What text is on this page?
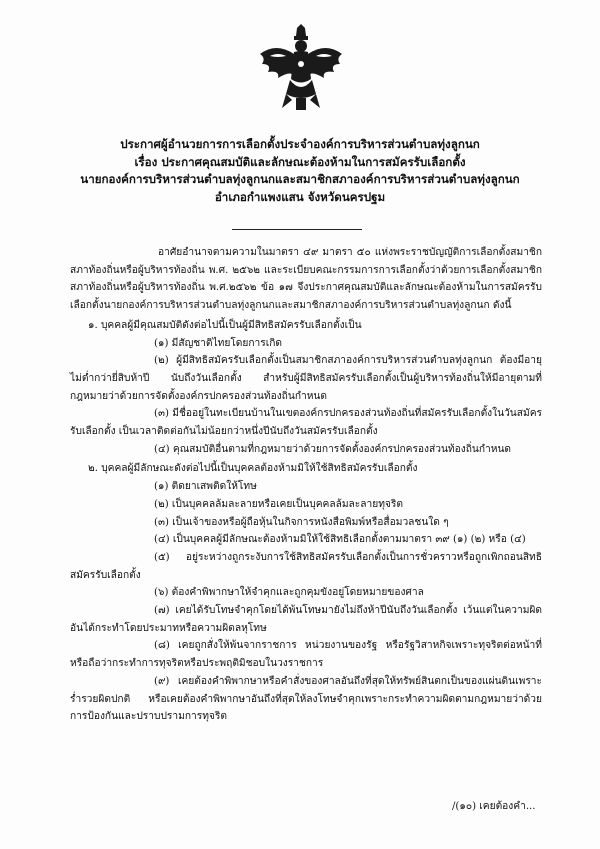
ประกาศผู้อำนวยการการเลือกตั้งประจำองค์การบริหารส่วนตำบลทุ่งลูกนก
เรื่อง ประกาศคุณสมบัติและลักษณะต้องห้ามในการสมัครรับเลือกตั้ง
นายกองค์การบริหารส่วนตำบลทุ่งลูกนกและสมาชิกสภาองค์การบริหารส่วนตำบลทุ่งลูกนก
อำเภอกำแพงแสน จังหวัดนครปฐม

อาศัยอำนาจตามความในมาตรา ๔๙ มาตรา ๕๐ แห่งพระราชบัญญัติการเลือกตั้งสมาชิกสภาท้องถิ่นหรือผู้บริหารท้องถิ่น พ.ศ. ๒๕๖๒ และระเบียบคณะกรรมการการเลือกตั้งว่าด้วยการเลือกตั้งสมาชิกสภาท้องถิ่นหรือผู้บริหารท้องถิ่น พ.ศ.๒๕๖๒ ข้อ ๑๗ จึงประกาศคุณสมบัติและลักษณะต้องห้ามในการสมัครรับเลือกตั้งนายกองค์การบริหารส่วนตำบลทุ่งลูกนกและสมาชิกสภาองค์การบริหารส่วนตำบลทุ่งลูกนก ดังนี้

๑. บุคคลผู้มีคุณสมบัติดังต่อไปนี้เป็นผู้มีสิทธิสมัครรับเลือกตั้งเป็น

(๑) มีสัญชาติไทยโดยการเกิด

(๒) ผู้มีสิทธิสมัครรับเลือกตั้งเป็นสมาชิกสภาองค์การบริหารส่วนตำบลทุ่งลูกนก ต้องมีอายุไม่ต่ำกว่ายี่สิบห้าปี นับถึงวันเลือกตั้ง สำหรับผู้มีสิทธิสมัครรับเลือกตั้งเป็นผู้บริหารท้องถิ่นให้มีอายุตามที่กฎหมายว่าด้วยการจัดตั้งองค์กรปกครองส่วนท้องถิ่นกำหนด

(๓) มีชื่ออยู่ในทะเบียนบ้านในเขตองค์กรปกครองส่วนท้องถิ่นที่สมัครรับเลือกตั้งในวันสมัครรับเลือกตั้ง เป็นเวลาติดต่อกันไม่น้อยกว่าหนึ่งปีนับถึงวันสมัครรับเลือกตั้ง

(๔) คุณสมบัติอื่นตามที่กฎหมายว่าด้วยการจัดตั้งองค์กรปกครองส่วนท้องถิ่นกำหนด

๒. บุคคลผู้มีลักษณะดังต่อไปนี้เป็นบุคคลต้องห้ามมิให้ใช้สิทธิสมัครรับเลือกตั้ง

(๑) ติดยาเสพติดให้โทษ

(๒) เป็นบุคคลล้มละลายหรือเคยเป็นบุคคลล้มละลายทุจริต

(๓) เป็นเจ้าของหรือผู้ถือหุ้นในกิจการหนังสือพิมพ์หรือสื่อมวลชนใด ๆ

(๔) เป็นบุคคลผู้มีลักษณะต้องห้ามมิให้ใช้สิทธิเลือกตั้งตามมาตรา ๓๙ (๑) (๒) หรือ (๔)

(๕) อยู่ระหว่างถูกระงับการใช้สิทธิสมัครรับเลือกตั้งเป็นการชั่วคราวหรือถูกเพิกถอนสิทธิสมัครรับเลือกตั้ง

(๖) ต้องคำพิพากษาให้จำคุกและถูกคุมขังอยู่โดยหมายของศาล

(๗) เคยได้รับโทษจำคุกโดยได้พ้นโทษมายังไม่ถึงห้าปีนับถึงวันเลือกตั้ง เว้นแต่ในความผิดอันได้กระทำโดยประมาทหรือความผิดลหุโทษ

(๘) เคยถูกสั่งให้พ้นจากราชการ หน่วยงานของรัฐ หรือรัฐวิสาหกิจเพราะทุจริตต่อหน้าที่ หรือถือว่ากระทำการทุจริตหรือประพฤติมิชอบในวงราชการ

(๙) เคยต้องคำพิพากษาหรือคำสั่งของศาลอันถึงที่สุดให้ทรัพย์สินตกเป็นของแผ่นดินเพราะร่ำรวยผิดปกติ หรือเคยต้องคำพิพากษาอันถึงที่สุดให้ลงโทษจำคุกเพราะกระทำความผิดตามกฎหมายว่าด้วยการป้องกันและปราบปรามการทุจริต

/(๑๐) เคยต้องคำ...
